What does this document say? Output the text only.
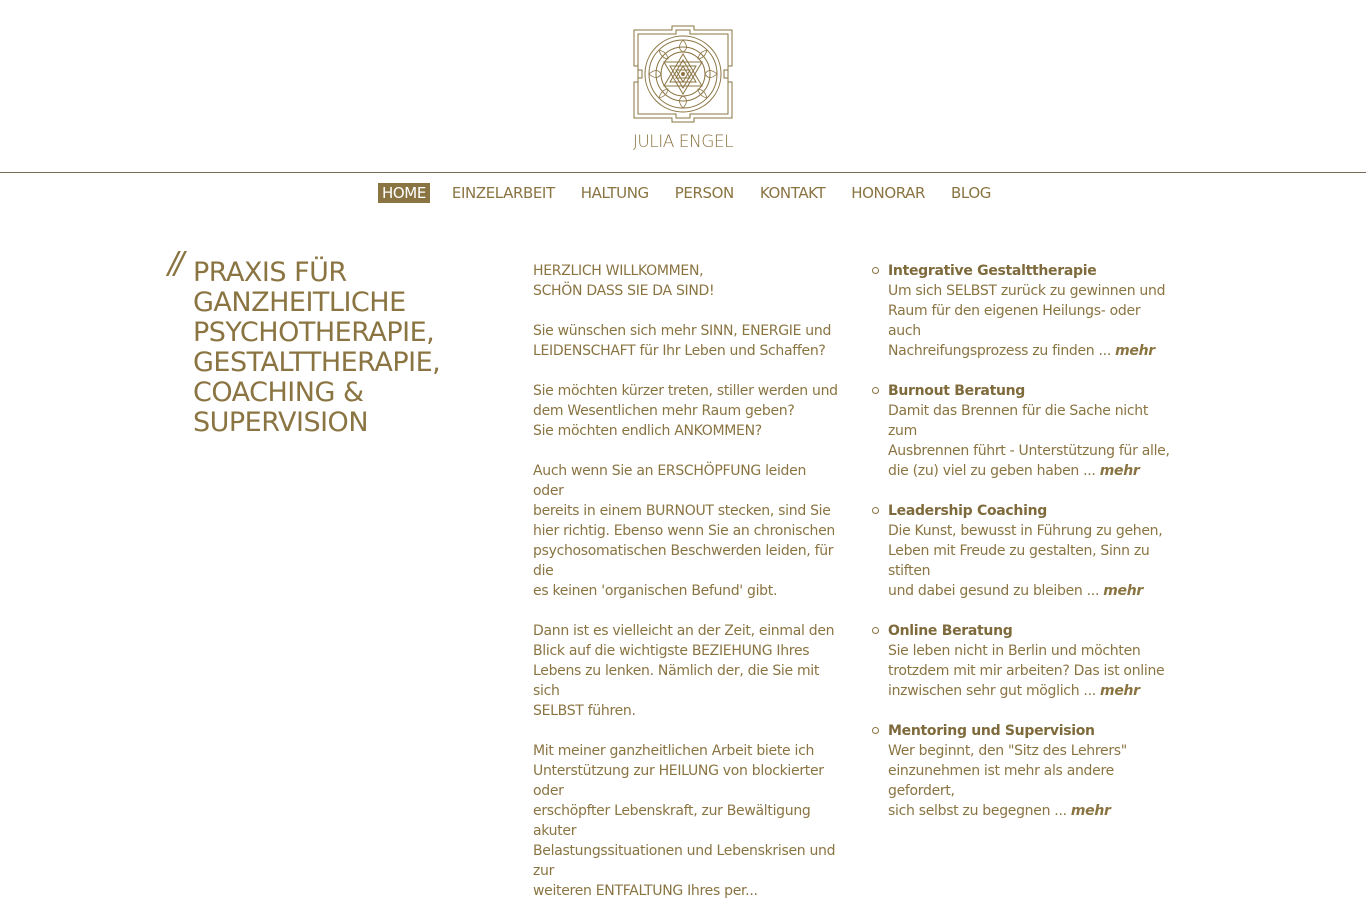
JULIA ENGEL
HOME EINZELARBEIT HALTUNG PERSON KONTAKT HONORAR BLOG
// PRAXIS FÜR
GANZHEITLICHE
PSYCHOTHERAPIE,
GESTALTTHERAPIE,
COACHING &
SUPERVISION

HERZLICH WILLKOMMEN,
SCHÖN DASS SIE DA SIND!

Sie wünschen sich mehr SINN, ENERGIE und
LEIDENSCHAFT für Ihr Leben und Schaffen?

Sie möchten kürzer treten, stiller werden und
dem Wesentlichen mehr Raum geben?
Sie möchten endlich ANKOMMEN?

Auch wenn Sie an ERSCHÖPFUNG leiden oder
bereits in einem BURNOUT stecken, sind Sie
hier richtig. Ebenso wenn Sie an chronischen
psychosomatischen Beschwerden leiden, für die
es keinen 'organischen Befund' gibt.

Dann ist es vielleicht an der Zeit, einmal den
Blick auf die wichtigste BEZIEHUNG Ihres
Lebens zu lenken. Nämlich der, die Sie mit sich
SELBST führen.

Mit meiner ganzheitlichen Arbeit biete ich
Unterstützung zur HEILUNG von blockierter oder
erschöpfter Lebenskraft, zur Bewältigung akuter
Belastungssituationen und Lebenskrisen und zur
weiteren ENTFALTUNG Ihres per...

Integrative Gestalttherapie
Um sich SELBST zurück zu gewinnen und
Raum für den eigenen Heilungs- oder auch
Nachreifungsprozess zu finden ... mehr
Burnout Beratung
Damit das Brennen für die Sache nicht zum
Ausbrennen führt - Unterstützung für alle,
die (zu) viel zu geben haben ... mehr
Leadership Coaching
Die Kunst, bewusst in Führung zu gehen,
Leben mit Freude zu gestalten, Sinn zu stiften
und dabei gesund zu bleiben ... mehr
Online Beratung
Sie leben nicht in Berlin und möchten
trotzdem mit mir arbeiten? Das ist online
inzwischen sehr gut möglich ... mehr
Mentoring und Supervision
Wer beginnt, den "Sitz des Lehrers"
einzunehmen ist mehr als andere gefordert,
sich selbst zu begegnen ... mehr
